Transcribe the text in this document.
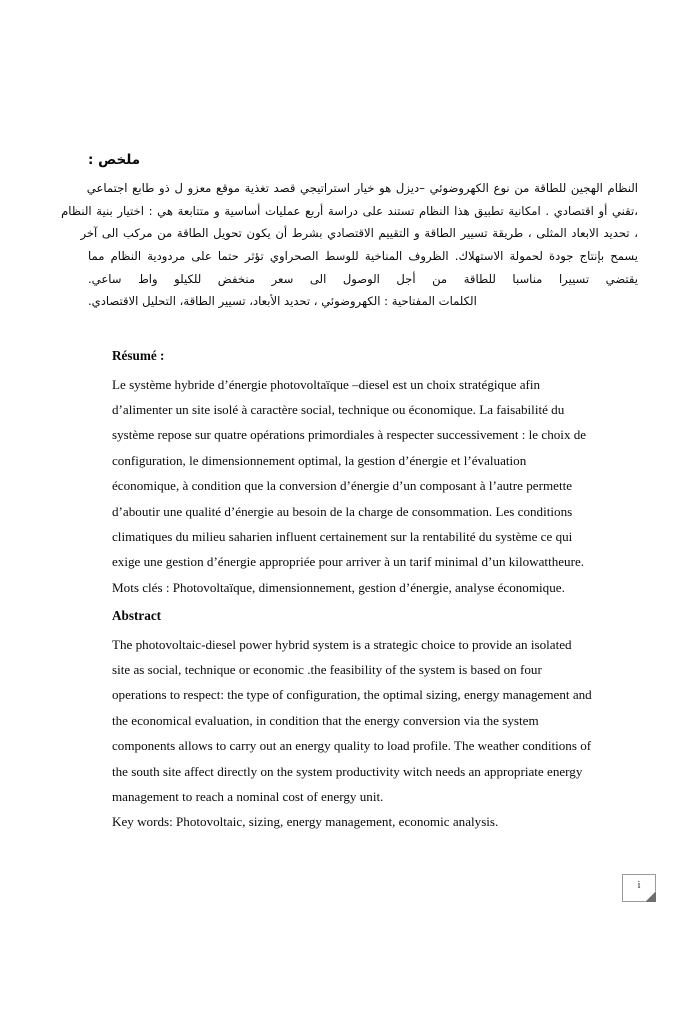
ملخص :

النظام الهجين للطاقة من نوع الكهروضوئي –ديزل هو خيار استراتيجي قصد تغذية موقع معزو ل ذو طابع اجتماعي
،تقني أو اقتصادي . امكانية تطبيق هذا النظام تستند على دراسة أربع عمليات أساسية و متتابعة هي : اختيار بنية النظام
، تحديد الابعاد المثلى ، طريقة تسيير الطاقة و التقييم الاقتصادي بشرط أن يكون تحويل الطاقة من مركب الى آخر
يسمح بإنتاج جودة لحمولة الاستهلاك. الظروف المناخية للوسط الصحراوي تؤثر حتما على مردودية النظام مما
يقتضي تسييرا مناسبا للطاقة من أجل الوصول الى سعر منخفض للكيلو واط ساعي.

الكلمات المفتاحية : الكهروضوئي ، تحديد الأبعاد، تسيير الطاقة، التحليل الاقتصادي.

Résumé :

Le système hybride d’énergie photovoltaïque –diesel est un choix stratégique afin
d’alimenter un site isolé à caractère social, technique ou économique. La faisabilité du
système repose sur quatre opérations primordiales à respecter successivement : le choix de
configuration, le dimensionnement optimal, la gestion d’énergie et l’évaluation
économique, à condition que la conversion d’énergie d’un composant à l’autre permette
d’aboutir une qualité d’énergie au besoin de la charge de consommation. Les conditions
climatiques du milieu saharien influent certainement sur la rentabilité du système ce qui
exige une gestion d’énergie appropriée pour arriver à un tarif minimal d’un kilowattheure.

Mots clés : Photovoltaïque, dimensionnement, gestion d’énergie, analyse économique.

Abstract

The photovoltaic-diesel power hybrid system is a strategic choice to provide an isolated
site as social, technique or economic .the feasibility of the system is based on four
operations to respect: the type of configuration, the optimal sizing, energy management and
the economical evaluation, in condition that the energy conversion via the system
components allows to carry out an energy quality to load profile. The weather conditions of
the south site affect directly on the system productivity witch needs an appropriate energy
management to reach a nominal cost of energy unit.

Key words: Photovoltaic, sizing, energy management, economic analysis.

i
